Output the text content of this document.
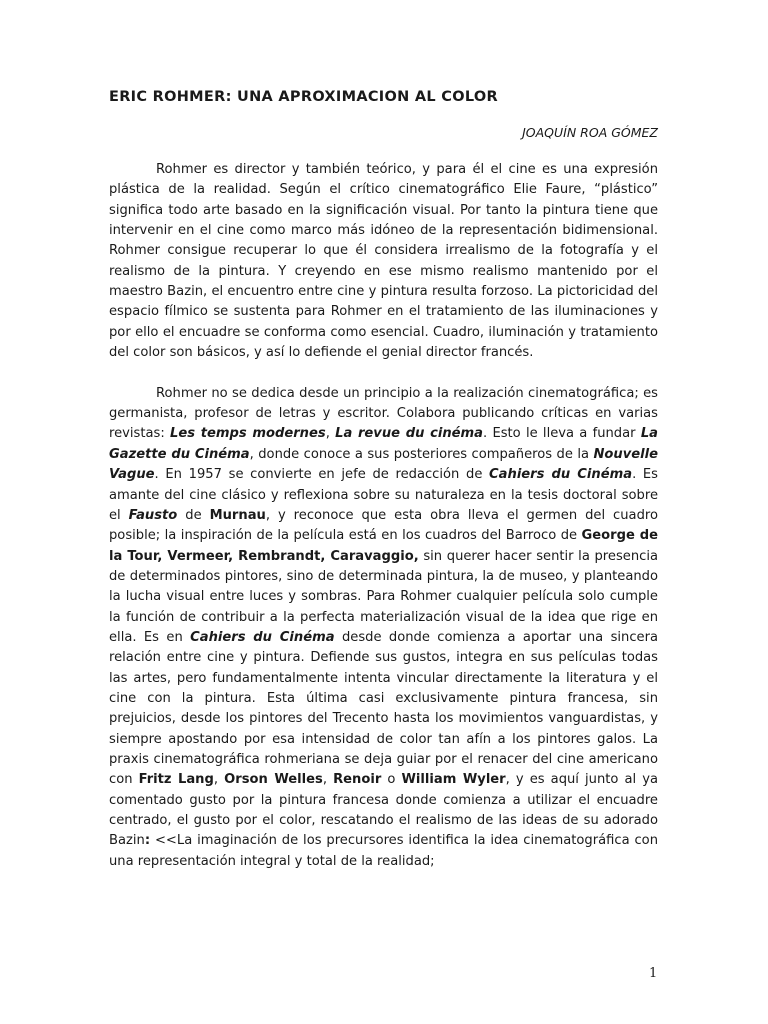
ERIC ROHMER: UNA APROXIMACION AL COLOR

JOAQUÍN ROA GÓMEZ

Rohmer es director y también teórico, y para él el cine es una expresión plástica de la realidad. Según el crítico cinematográfico Elie Faure, “plástico” significa todo arte basado en la significación visual. Por tanto la pintura tiene que intervenir en el cine como marco más idóneo de la representación bidimensional. Rohmer consigue recuperar lo que él considera irrealismo de la fotografía y el realismo de la pintura. Y creyendo en ese mismo realismo mantenido por el maestro Bazin, el encuentro entre cine y pintura resulta forzoso. La pictoricidad del espacio fílmico se sustenta para Rohmer en el tratamiento de las iluminaciones y por ello el encuadre se conforma como esencial. Cuadro, iluminación y tratamiento del color son básicos, y así lo defiende el genial director francés.

Rohmer no se dedica desde un principio a la realización cinematográfica; es germanista, profesor de letras y escritor. Colabora publicando críticas en varias revistas: Les temps modernes, La revue du cinéma. Esto le lleva a fundar La Gazette du Cinéma, donde conoce a sus posteriores compañeros de la Nouvelle Vague. En 1957 se convierte en jefe de redacción de Cahiers du Cinéma. Es amante del cine clásico y reflexiona sobre su naturaleza en la tesis doctoral sobre el Fausto de Murnau, y reconoce que esta obra lleva el germen del cuadro posible; la inspiración de la película está en los cuadros del Barroco de George de la Tour, Vermeer, Rembrandt, Caravaggio, sin querer hacer sentir la presencia de determinados pintores, sino de determinada pintura, la de museo, y planteando la lucha visual entre luces y sombras. Para Rohmer cualquier película solo cumple la función de contribuir a la perfecta materialización visual de la idea que rige en ella. Es en Cahiers du Cinéma desde donde comienza a aportar una sincera relación entre cine y pintura. Defiende sus gustos, integra en sus películas todas las artes, pero fundamentalmente intenta vincular directamente la literatura y el cine con la pintura. Esta última casi exclusivamente pintura francesa, sin prejuicios, desde los pintores del Trecento hasta los movimientos vanguardistas, y siempre apostando por esa intensidad de color tan afín a los pintores galos. La praxis cinematográfica rohmeriana se deja guiar por el renacer del cine americano con Fritz Lang, Orson Welles, Renoir o William Wyler, y es aquí junto al ya comentado gusto por la pintura francesa donde comienza a utilizar el encuadre centrado, el gusto por el color, rescatando el realismo de las ideas de su adorado Bazin: <<La imaginación de los precursores identifica la idea cinematográfica con una representación integral y total de la realidad;

1
